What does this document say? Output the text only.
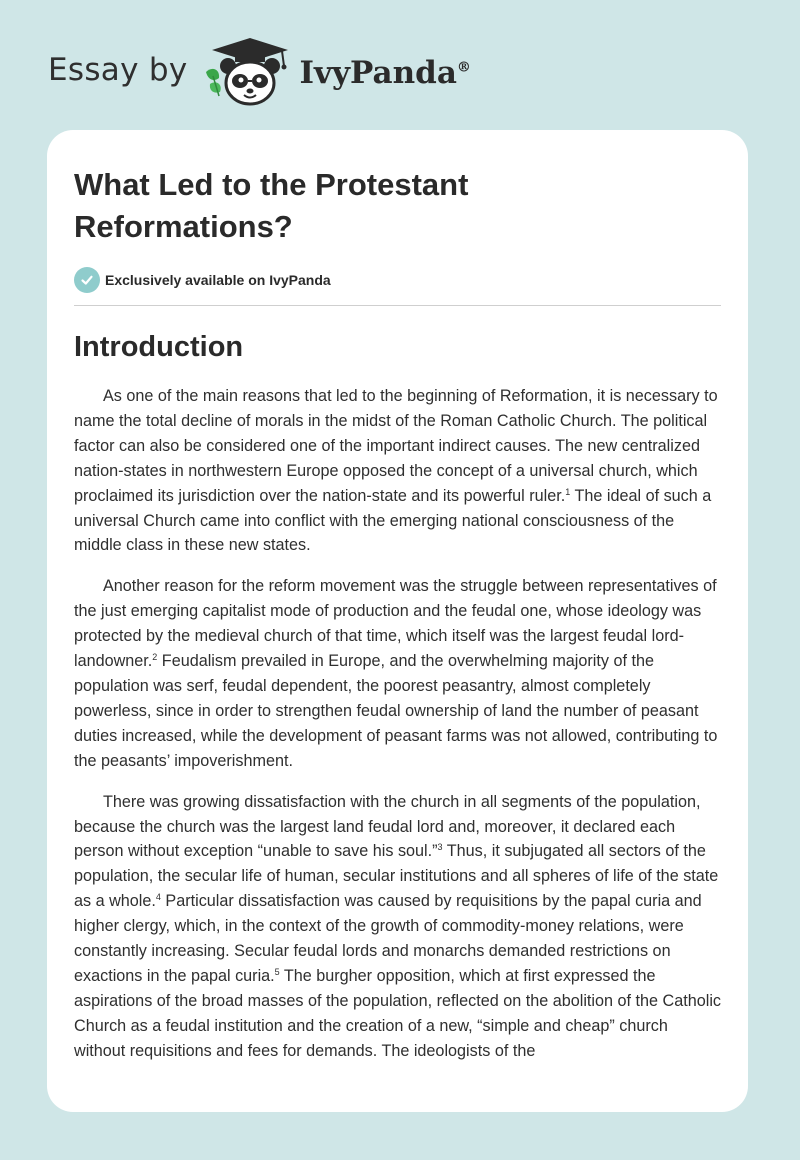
Essay by	IvyPanda®
What Led to the Protestant Reformations?
Exclusively available on IvyPanda
Introduction

As one of the main reasons that led to the beginning of Reformation, it is necessary to name the total decline of morals in the midst of the Roman Catholic Church. The political factor can also be considered one of the important indirect causes. The new centralized nation-states in northwestern Europe opposed the concept of a universal church, which proclaimed its jurisdiction over the nation-state and its powerful ruler.$^1$ The ideal of such a universal Church came into conflict with the emerging national consciousness of the middle class in these new states.

Another reason for the reform movement was the struggle between representatives of the just emerging capitalist mode of production and the feudal one, whose ideology was protected by the medieval church of that time, which itself was the largest feudal lord-landowner.$^2$ Feudalism prevailed in Europe, and the overwhelming majority of the population was serf, feudal dependent, the poorest peasantry, almost completely powerless, since in order to strengthen feudal ownership of land the number of peasant duties increased, while the development of peasant farms was not allowed, contributing to the peasants’ impoverishment.

There was growing dissatisfaction with the church in all segments of the population, because the church was the largest land feudal lord and, moreover, it declared each person without exception “unable to save his soul.”$^3$ Thus, it subjugated all sectors of the population, the secular life of human, secular institutions and all spheres of life of the state as a whole.$^4$ Particular dissatisfaction was caused by requisitions by the papal curia and higher clergy, which, in the context of the growth of commodity-money relations, were constantly increasing. Secular feudal lords and monarchs demanded restrictions on exactions in the papal curia.$^5$ The burgher opposition, which at first expressed the aspirations of the broad masses of the population, reflected on the abolition of the Catholic Church as a feudal institution and the creation of a new, “simple and cheap” church without requisitions and fees for demands. The ideologists of the
